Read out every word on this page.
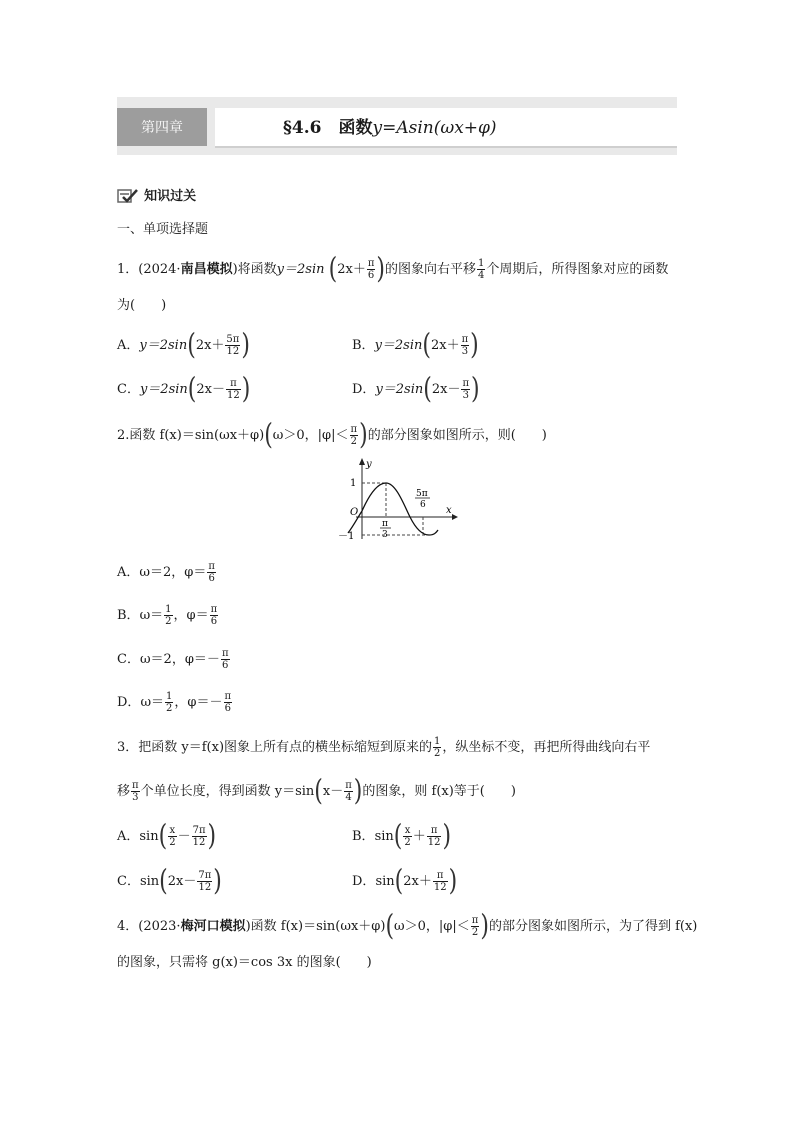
第四章	§4.6　函数y=Asin(ωx+φ)
知识过关
一、单项选择题
1．(2024·南昌模拟)将函数y＝2sin ($2x+ \frac{\pi}{6}$ )的图象向右平移 $\frac{1}{4}$ 个周期后，所得图象对应的函数
为(　　)
A．$y=2\sin(2x+ \frac{5\pi}{12}$ )	B．$y=2\sin(2x+ \frac{\pi}{3}$ )
C．$y=2\sin(2x- \frac{\pi}{12}$ )	D．$y=2\sin(2x- \frac{\pi}{3}$ )
2.函数 f(x)＝sin(ωx＋φ)(ω＞0，$|\varphi|< \frac{\pi}{2}$ )的部分图象如图所示，则(　　)
y
x
O
1
－1
π
3
5π
6
A．ω＝2，$\varphi= \frac{\pi}{6}$
B．$\omega= \frac{1}{2}$ ，$\varphi= \frac{\pi}{6}$
C．ω＝2，$\varphi=- \frac{\pi}{6}$
D．$\omega= \frac{1}{2}$ ，$\varphi=- \frac{\pi}{6}$
3．把函数 y＝f(x)图象上所有点的横坐标缩短到原来的 $\frac{1}{2}$ ，纵坐标不变，再把所得曲线向右平
移 $\frac{\pi}{3}$ 个单位长度，得到函数 $y=\sin(x- \frac{\pi}{4}$ )的图象，则 f(x)等于(　　)
A．$\sin( \frac{x}{2} - \frac{7\pi}{12}$ )	B．$\sin( \frac{x}{2} + \frac{\pi}{12}$ )
C．$\sin(2x- \frac{7\pi}{12}$ )	D．$\sin(2x+ \frac{\pi}{12}$ )
4．(2023·梅河口模拟)函数 f(x)＝sin(ωx＋φ)(ω＞0，$|\varphi|< \frac{\pi}{2}$ )的部分图象如图所示，为了得到 f(x)
的图象，只需将 g(x)＝cos 3x 的图象(　　)
